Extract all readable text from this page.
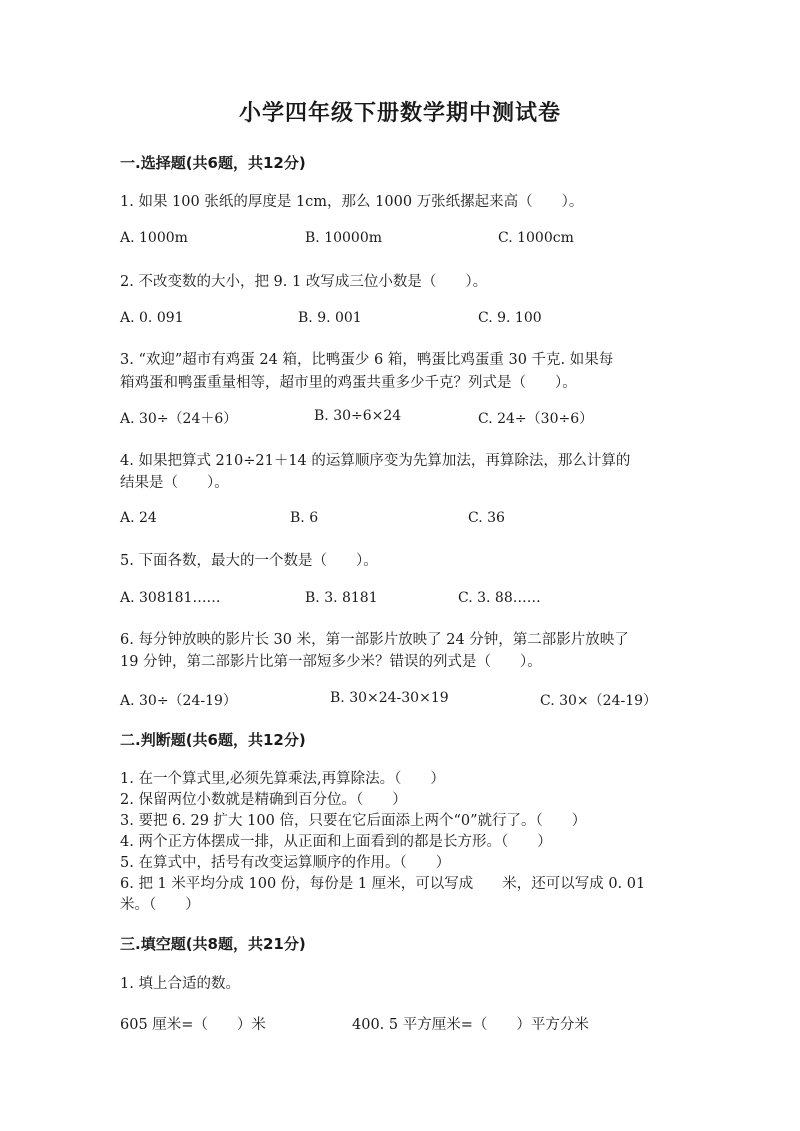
小学四年级下册数学期中测试卷
一.选择题(共6题，共12分)
1. 如果 100 张纸的厚度是 1cm，那么 1000 万张纸摞起来高（　　）。
A. 1000m	B. 10000m	C. 1000cm
2. 不改变数的大小，把 9. 1 改写成三位小数是（　　）。
A. 0. 091	B. 9. 001	C. 9. 100
3. “欢迎”超市有鸡蛋 24 箱，比鸭蛋少 6 箱，鸭蛋比鸡蛋重 30 千克. 如果每
箱鸡蛋和鸭蛋重量相等，超市里的鸡蛋共重多少千克？列式是（　　）。
A. 30÷（24＋6）	B. 30÷6×24	C. 24÷（30÷6）
4. 如果把算式 210÷21＋14 的运算顺序变为先算加法，再算除法，那么计算的
结果是（　　）。
A. 24	B. 6	C. 36
5. 下面各数，最大的一个数是（　　）。
A. 308181……	B. 3. 8181	C. 3. 88……
6. 每分钟放映的影片长 30 米，第一部影片放映了 24 分钟，第二部影片放映了
19 分钟，第二部影片比第一部短多少米？错误的列式是（　　）。
A. 30÷（24-19）	B. 30×24-30×19	C. 30×（24-19）
二.判断题(共6题，共12分)
1. 在一个算式里,必须先算乘法,再算除法。（　　）
2. 保留两位小数就是精确到百分位。（　　）
3. 要把 6. 29 扩大 100 倍，只要在它后面添上两个“0”就行了。（　　）
4. 两个正方体摆成一排，从正面和上面看到的都是长方形。（　　）
5. 在算式中，括号有改变运算顺序的作用。（　　）
6. 把 1 米平均分成 100 份，每份是 1 厘米，可以写成　　米，还可以写成 0. 01
米。（　　）
三.填空题(共8题，共21分)
1. 填上合适的数。
605 厘米=（　　）米	400. 5 平方厘米=（　　）平方分米
